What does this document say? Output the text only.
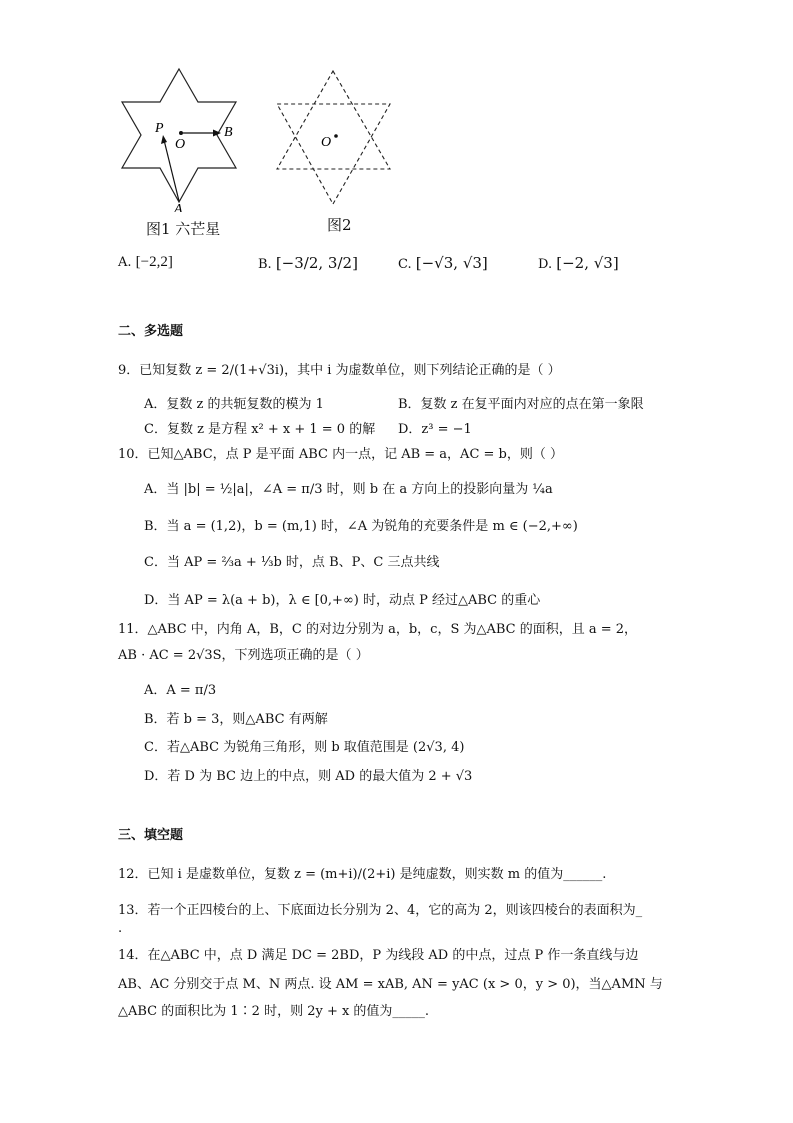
P
O
B
A
图1 六芒星
O
图2
A. [−2,2]	B. [−3/2, 3/2]	C. [−√3, √3]	D. [−2, √3]
二、多选题
9．已知复数 z = 2/(1+√3i)，其中 i 为虚数单位，则下列结论正确的是（ ）
A．复数 z 的共轭复数的模为 1	B．复数 z 在复平面内对应的点在第一象限
C．复数 z 是方程 x² + x + 1 = 0 的解 D．z³ = −1
10．已知△ABC，点 P 是平面 ABC 内一点，记 AB = a，AC = b，则（ ）
A．当 |b| = ½|a|，∠A = π/3 时，则 b 在 a 方向上的投影向量为 ¼a
B．当 a = (1,2)，b = (m,1) 时，∠A 为锐角的充要条件是 m ∈ (−2,+∞)
C．当 AP = ⅔a + ⅓b 时，点 B、P、C 三点共线
D．当 AP = λ(a + b)，λ ∈ [0,+∞) 时，动点 P 经过△ABC 的重心
11．△ABC 中，内角 A，B，C 的对边分别为 a，b，c，S 为△ABC 的面积，且 a = 2，
AB · AC = 2√3S，下列选项正确的是（ ）
A．A = π/3
B．若 b = 3，则△ABC 有两解
C．若△ABC 为锐角三角形，则 b 取值范围是 (2√3, 4)
D．若 D 为 BC 边上的中点，则 AD 的最大值为 2 + √3
三、填空题
12．已知 i 是虚数单位，复数 z = (m+i)/(2+i) 是纯虚数，则实数 m 的值为______.
13．若一个正四棱台的上、下底面边长分别为 2、4，它的高为 2，则该四棱台的表面积为_
.
14．在△ABC 中，点 D 满足 DC = 2BD，P 为线段 AD 的中点，过点 P 作一条直线与边
AB、AC 分别交于点 M、N 两点. 设 AM = xAB, AN = yAC (x > 0，y > 0)，当△AMN 与
△ABC 的面积比为 1∶2 时，则 2y + x 的值为_____.
